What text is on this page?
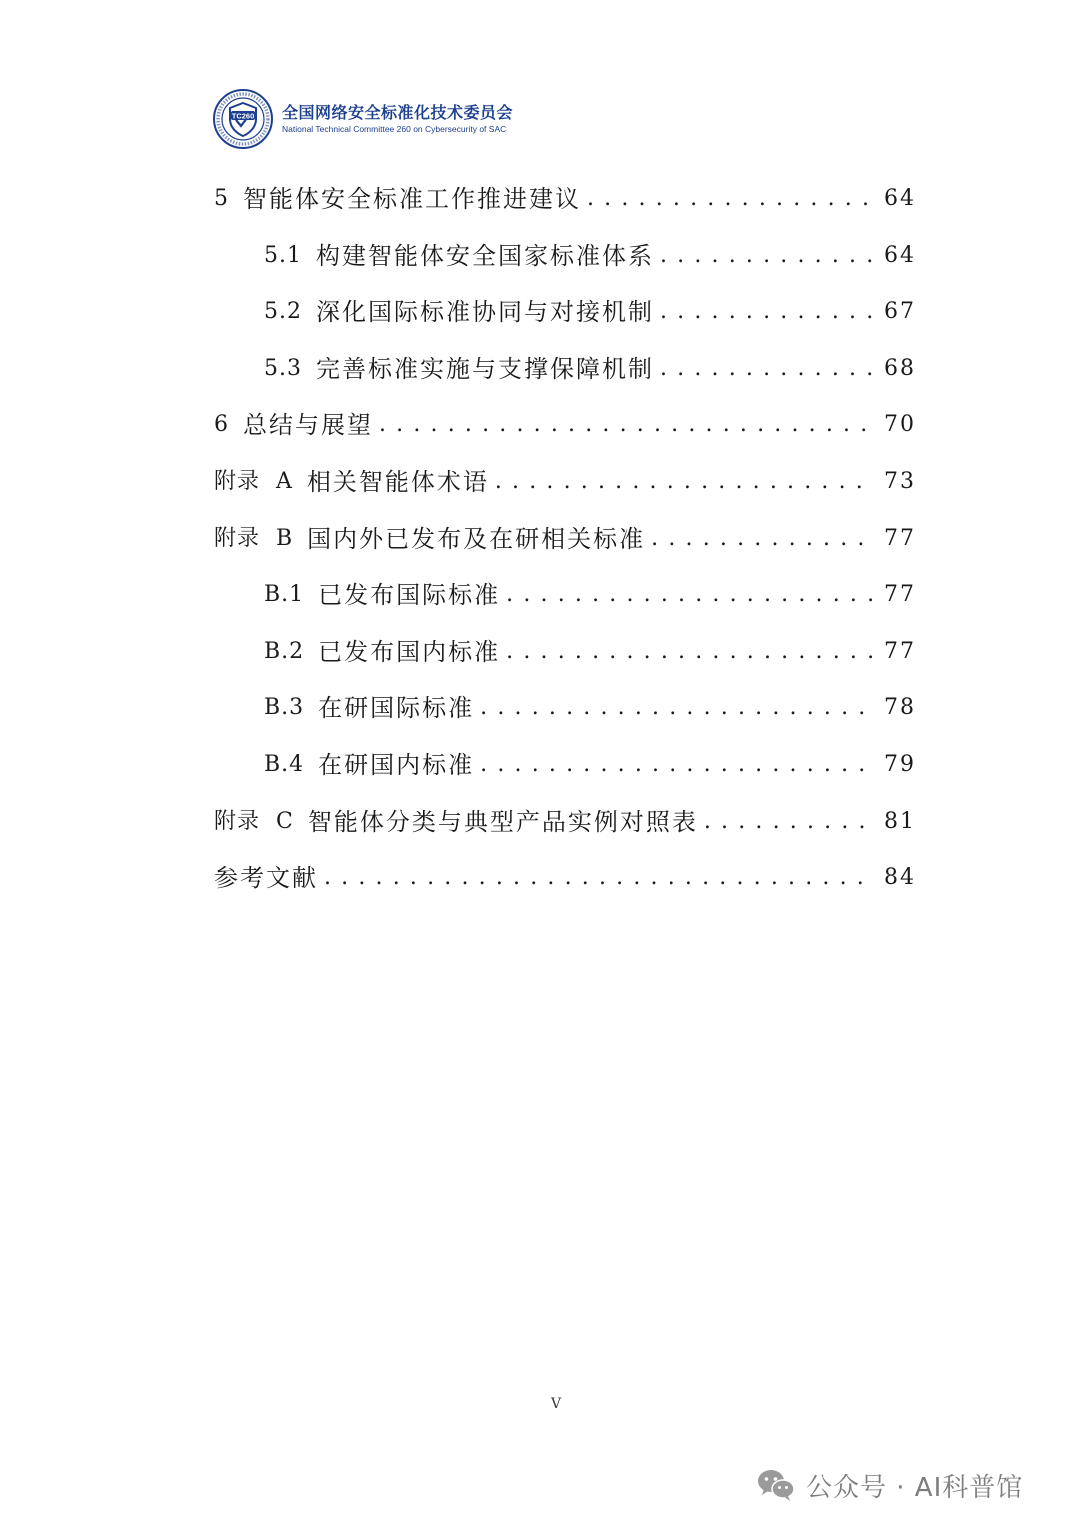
TC260 全国网络安全标准化技术委员会
National Technical Committee 260 on Cybersecurity of SAC
5 智能体安全标准工作推进建议 . . .	64
5.1 构建智能体安全国家标准体系 . . .	64
5.2 深化国际标准协同与对接机制 . . .	67
5.3 完善标准实施与支撑保障机制 . . .	68
6 总结与展望 . . .	70
附录  A 相关智能体术语 . . .	73
附录  B 国内外已发布及在研相关标准 . . .	77
B.1 已发布国际标准 . . .	77
B.2 已发布国内标准 . . .	77
B.3 在研国际标准 . . .	78
B.4 在研国内标准 . . .	79
附录  C 智能体分类与典型产品实例对照表 . . .	81
参考文献 . . .	84
V
公众号 · AI科普馆
